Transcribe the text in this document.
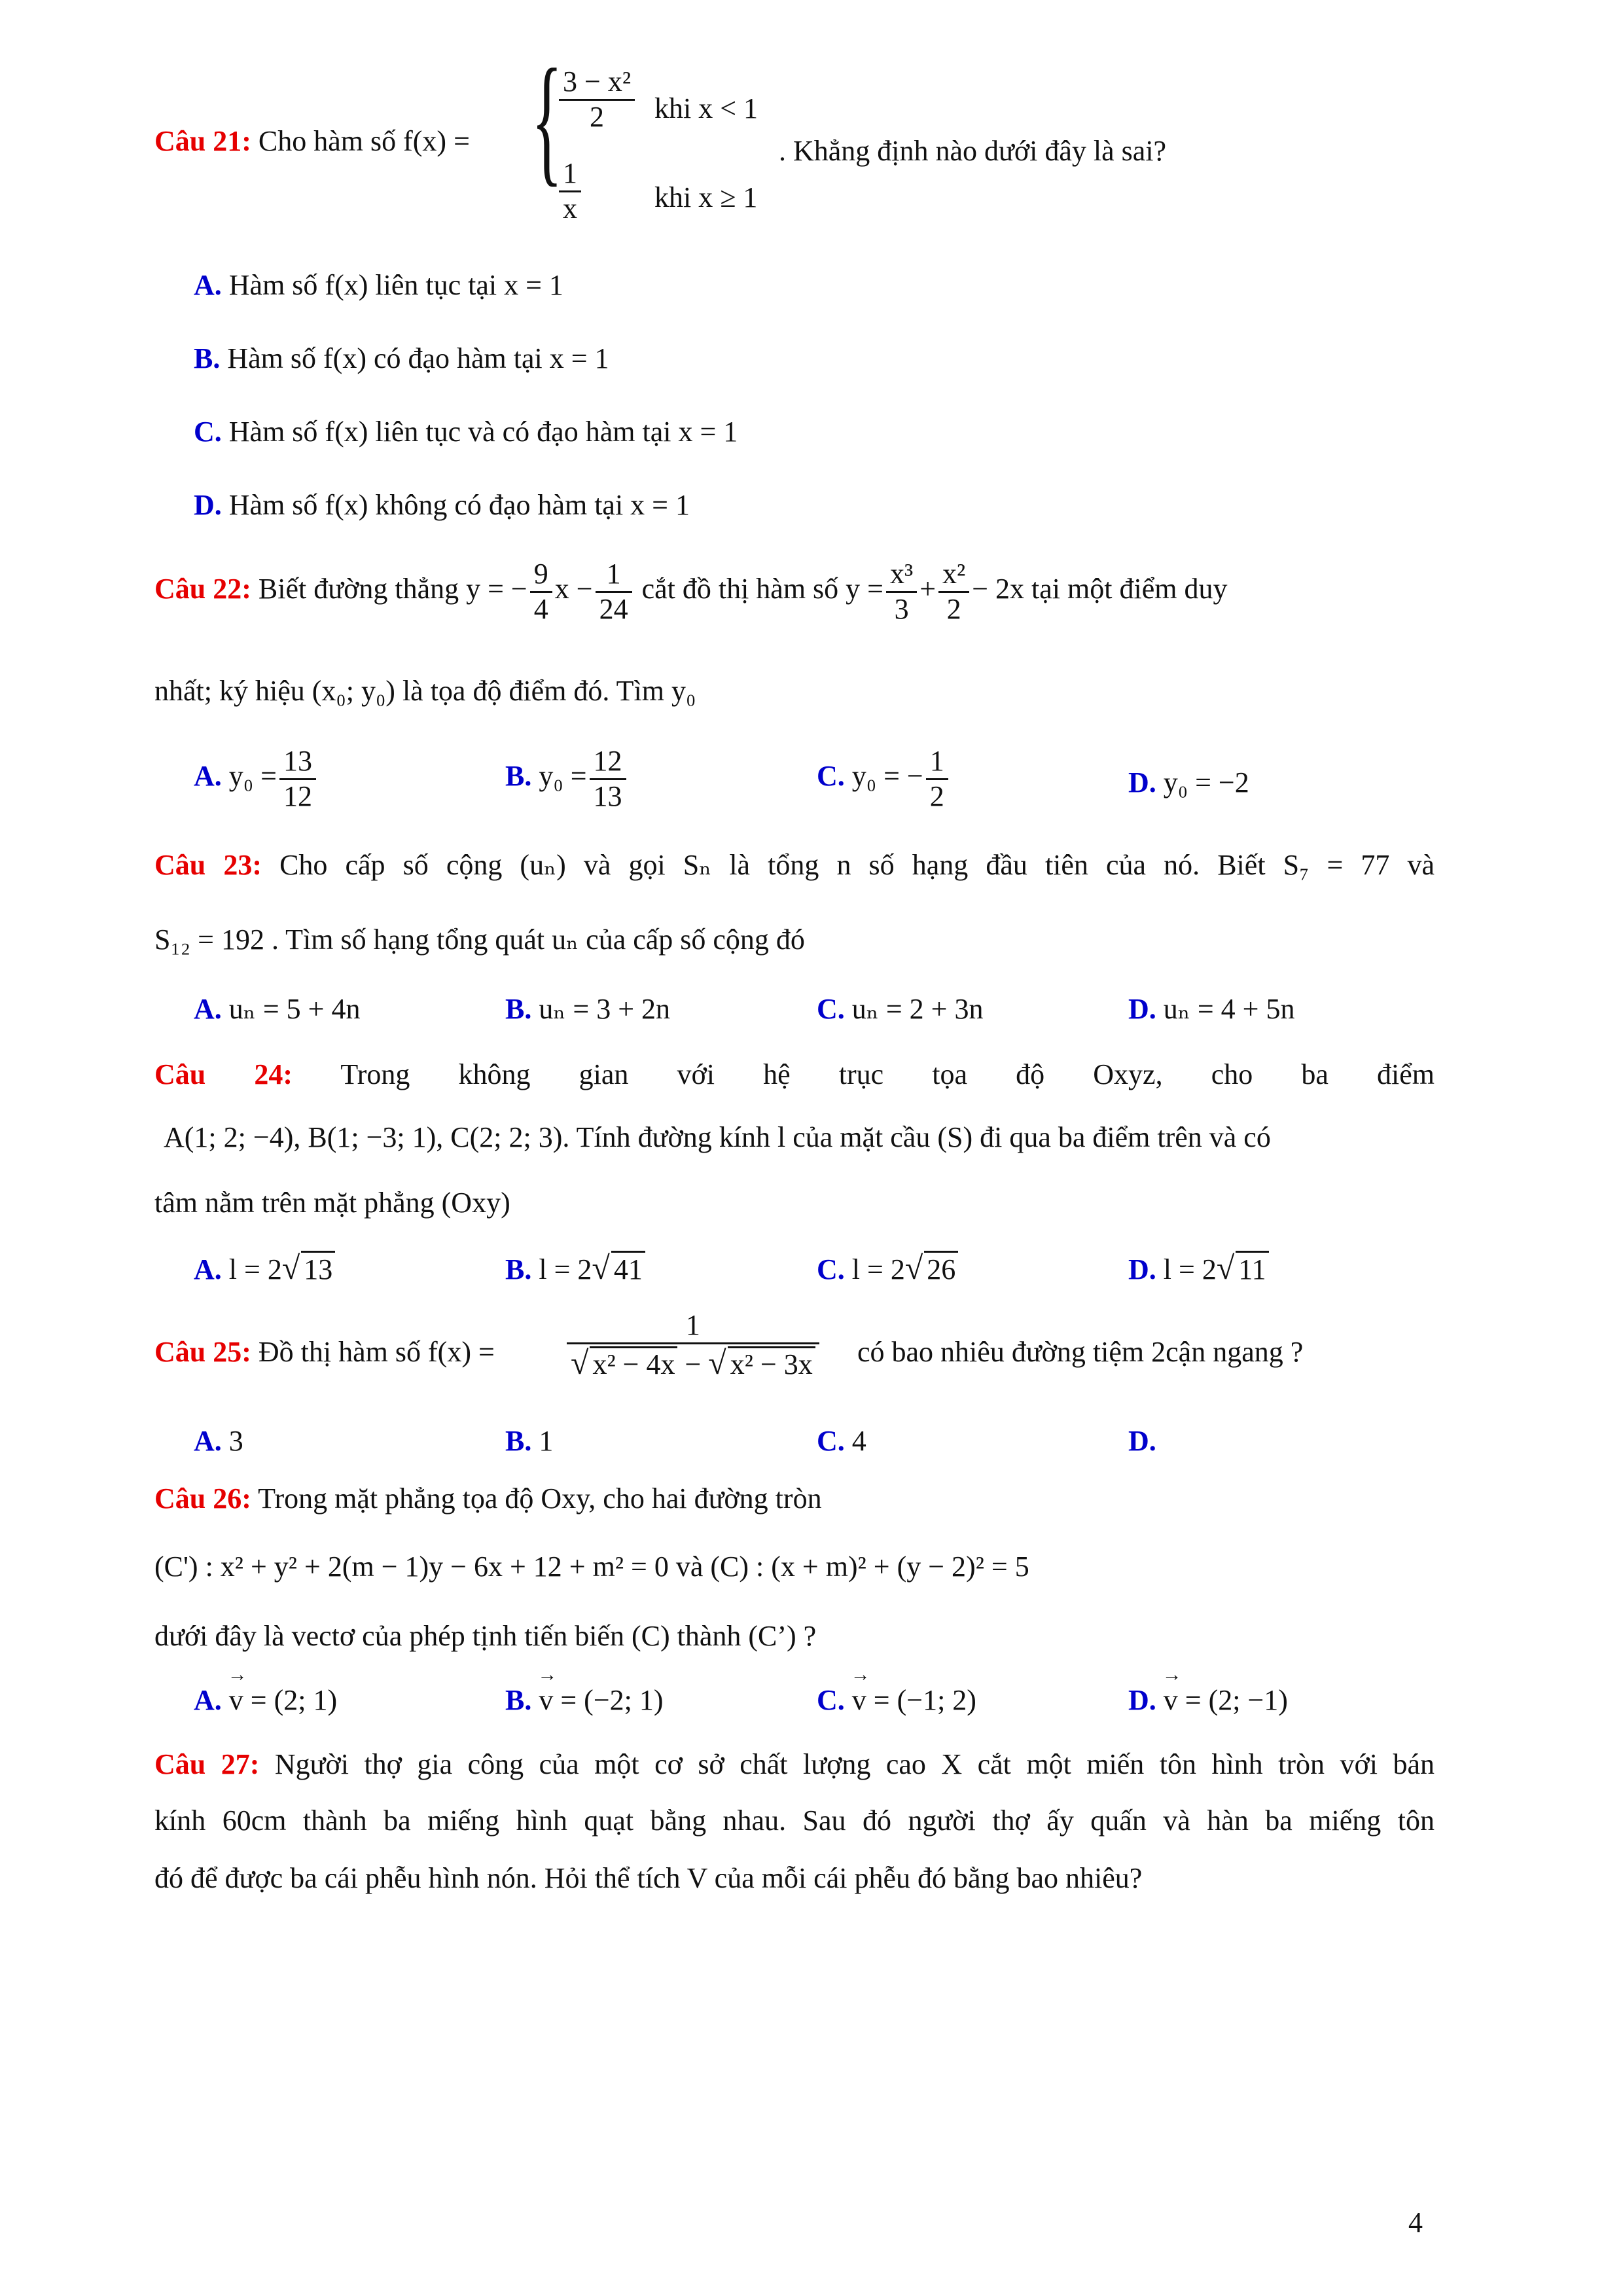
Câu 21: Cho hàm số f(x) = {
$\frac{\text{3 − x²}}{2}$ khi x < 1
$\frac{1}{x}$	khi x ≥ 1
. Khẳng định nào dưới đây là sai?
A. Hàm số f(x) liên tục tại x = 1
B. Hàm số f(x) có đạo hàm tại x = 1
C. Hàm số f(x) liên tục và có đạo hàm tại x = 1
D. Hàm số f(x) không có đạo hàm tại x = 1
Câu 22: Biết đường thẳng y = − $\frac{9}{4}$ $x - \frac{1}{24}$ cắt đồ thị hàm số $y = \frac{\text{x³}}{3} + \frac{\text{x²}}{2} - 2x$ tại một điểm duy
nhất; ký hiệu (x₀; y₀) là tọa độ điểm đó. Tìm y₀
A. $y_0 = \frac{13}{12}$	B. $y_0 = \frac{12}{13}$	C. y₀ = − $\frac{1}{2}$	D. y₀ = −2
Câu 23: Cho cấp số cộng (uₙ) và gọi Sₙ là tổng n số hạng đầu tiên của nó. Biết S₇ = 77 và
S₁₂ = 192 . Tìm số hạng tổng quát uₙ của cấp số cộng đó
A. uₙ = 5 + 4n	B. uₙ = 3 + 2n	C. uₙ = 2 + 3n	D. uₙ = 4 + 5n
Câu 24: Trong không gian với hệ trục tọa độ Oxyz, cho ba điểm
A(1; 2; −4), B(1; −3; 1), C(2; 2; 3). Tính đường kính l của mặt cầu (S) đi qua ba điểm trên và có
tâm nằm trên mặt phẳng (Oxy)
A. l = 2√ 13	B. l = 2√ 41	C. l = 2√ 26	D. l = 2√ 11
Câu 25: Đồ thị hàm số f(x) =	$\frac{1}{\text{√ x² − 4x − √ x² − 3x}}$ có bao nhiêu đường tiệm 2cận ngang ?
A. 3	B. 1	C. 4	D.
Câu 26: Trong mặt phẳng tọa độ Oxy, cho hai đường tròn
(C') : x² + y² + 2(m − 1)y − 6x + 12 + m² = 0 và (C) : (x + m)² + (y − 2)² = 5
dưới đây là vectơ của phép tịnh tiến biến (C) thành (C’) ?
A. → v = (2; 1)	B. → v = (−2; 1)	C. → v = (−1; 2)	D. → v = (2; −1)
Câu 27: Người thợ gia công của một cơ sở chất lượng cao X cắt một miến tôn hình tròn với bán
kính 60cm thành ba miếng hình quạt bằng nhau. Sau đó người thợ ấy quấn và hàn ba miếng tôn
đó để được ba cái phễu hình nón. Hỏi thể tích V của mỗi cái phễu đó bằng bao nhiêu?
4
